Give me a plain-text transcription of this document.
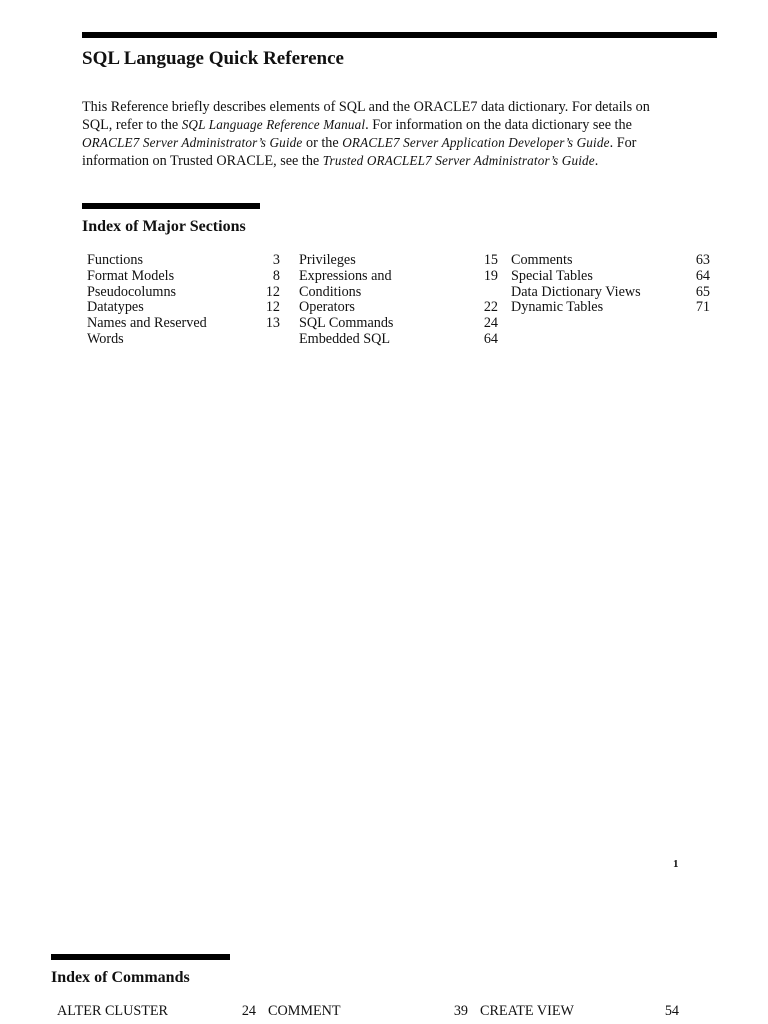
SQL Language Quick Reference

This Reference briefly describes elements of SQL and the ORACLE7 data dictionary. For details on

SQL, refer to the SQL Language Reference Manual. For information on the data dictionary see the

ORACLE7 Server Administrator’s Guide or the ORACLE7 Server Application Developer’s Guide. For

information on Trusted ORACLE, see the Trusted ORACLEL7 Server Administrator’s Guide.

Index of Major Sections
Functions	3
Format Models	8
Pseudocolumns	12
Datatypes	12
Names and Reserved	13
Words
Privileges	15
Expressions and	19
Conditions
Operators	22
SQL Commands	24
Embedded SQL	64
Comments	63
Special Tables	64
Data Dictionary Views	65
Dynamic Tables	71
1
Index of Commands
ALTER CLUSTER	24 COMMENT	39 CREATE VIEW	54
